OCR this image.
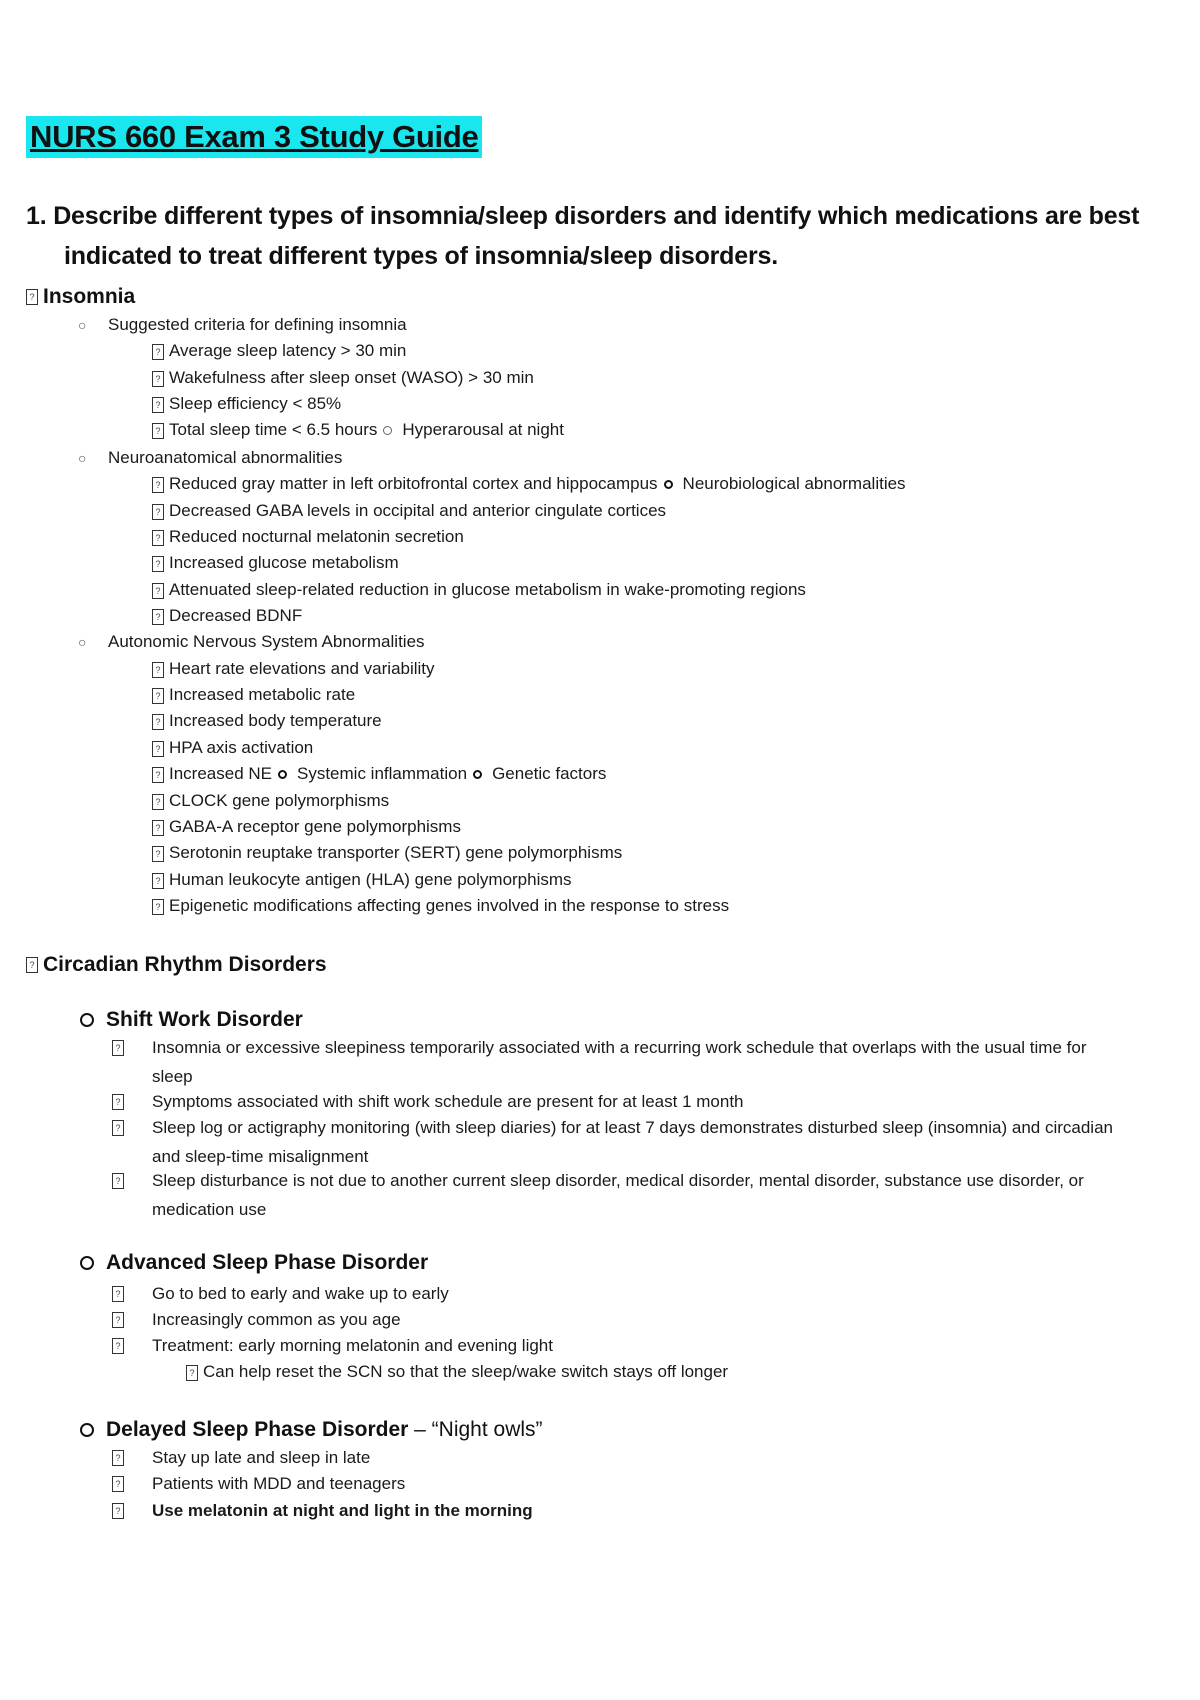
NURS 660 Exam 3 Study Guide
1. Describe different types of insomnia/sleep disorders and identify which medications are best
indicated to treat different types of insomnia/sleep disorders.
? Insomnia
○ Suggested criteria for defining insomnia
? Average sleep latency > 30 min
? Wakefulness after sleep onset (WASO) > 30 min
? Sleep efficiency < 85%
? Total sleep time < 6.5 hours Hyperarousal at night
○ Neuroanatomical abnormalities
? Reduced gray matter in left orbitofrontal cortex and hippocampus Neurobiological abnormalities
? Decreased GABA levels in occipital and anterior cingulate cortices
? Reduced nocturnal melatonin secretion
? Increased glucose metabolism
? Attenuated sleep-related reduction in glucose metabolism in wake-promoting regions
? Decreased BDNF
○ Autonomic Nervous System Abnormalities
? Heart rate elevations and variability
? Increased metabolic rate
? Increased body temperature
? HPA axis activation
? Increased NE Systemic inflammation Genetic factors
? CLOCK gene polymorphisms
? GABA-A receptor gene polymorphisms
? Serotonin reuptake transporter (SERT) gene polymorphisms
? Human leukocyte antigen (HLA) gene polymorphisms
? Epigenetic modifications affecting genes involved in the response to stress
? Circadian Rhythm Disorders
Shift Work Disorder
? Insomnia or excessive sleepiness temporarily associated with a recurring work schedule that overlaps with the usual time for
sleep
? Symptoms associated with shift work schedule are present for at least 1 month
? Sleep log or actigraphy monitoring (with sleep diaries) for at least 7 days demonstrates disturbed sleep (insomnia) and circadian
and sleep-time misalignment
? Sleep disturbance is not due to another current sleep disorder, medical disorder, mental disorder, substance use disorder, or
medication use
Advanced Sleep Phase Disorder
? Go to bed to early and wake up to early
? Increasingly common as you age
? Treatment: early morning melatonin and evening light
? Can help reset the SCN so that the sleep/wake switch stays off longer
Delayed Sleep Phase Disorder – “Night owls”
? Stay up late and sleep in late
? Patients with MDD and teenagers
? Use melatonin at night and light in the morning
